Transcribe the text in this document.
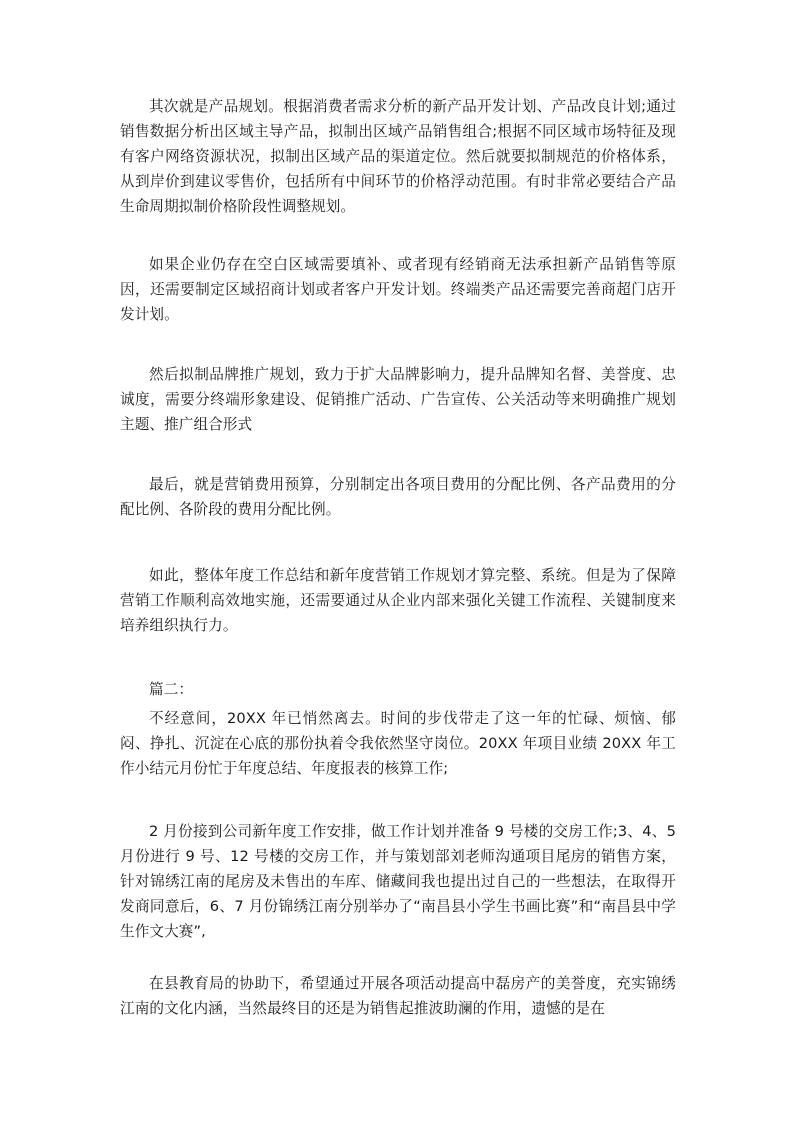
其次就是产品规划。根据消费者需求分析的新产品开发计划、产品改良计划;通过销售数据分析出区域主导产品，拟制出区域产品销售组合;根据不同区域市场特征及现有客户网络资源状况，拟制出区域产品的渠道定位。然后就要拟制规范的价格体系，从到岸价到建议零售价，包括所有中间环节的价格浮动范围。有时非常必要结合产品生命周期拟制价格阶段性调整规划。

如果企业仍存在空白区域需要填补、或者现有经销商无法承担新产品销售等原因，还需要制定区域招商计划或者客户开发计划。终端类产品还需要完善商超门店开发计划。

然后拟制品牌推广规划，致力于扩大品牌影响力，提升品牌知名督、美誉度、忠诚度，需要分终端形象建设、促销推广活动、广告宣传、公关活动等来明确推广规划主题、推广组合形式

最后，就是营销费用预算，分别制定出各项目费用的分配比例、各产品费用的分配比例、各阶段的费用分配比例。

如此，整体年度工作总结和新年度营销工作规划才算完整、系统。但是为了保障营销工作顺利高效地实施，还需要通过从企业内部来强化关键工作流程、关键制度来培养组织执行力。

篇二：

不经意间，20XX 年已悄然离去。时间的步伐带走了这一年的忙碌、烦恼、郁闷、挣扎、沉淀在心底的那份执着令我依然坚守岗位。20XX 年项目业绩 20XX 年工作小结元月份忙于年度总结、年度报表的核算工作;

2 月份接到公司新年度工作安排，做工作计划并准备 9 号楼的交房工作;3、4、5 月份进行 9 号、12 号楼的交房工作，并与策划部刘老师沟通项目尾房的销售方案，针对锦绣江南的尾房及未售出的车库、储藏间我也提出过自己的一些想法，在取得开发商同意后，6、7 月份锦绣江南分别举办了“南昌县小学生书画比赛”和“南昌县中学生作文大赛”,

在县教育局的协助下，希望通过开展各项活动提高中磊房产的美誉度，充实锦绣江南的文化内涵，当然最终目的还是为销售起推波助澜的作用，遗憾的是在
